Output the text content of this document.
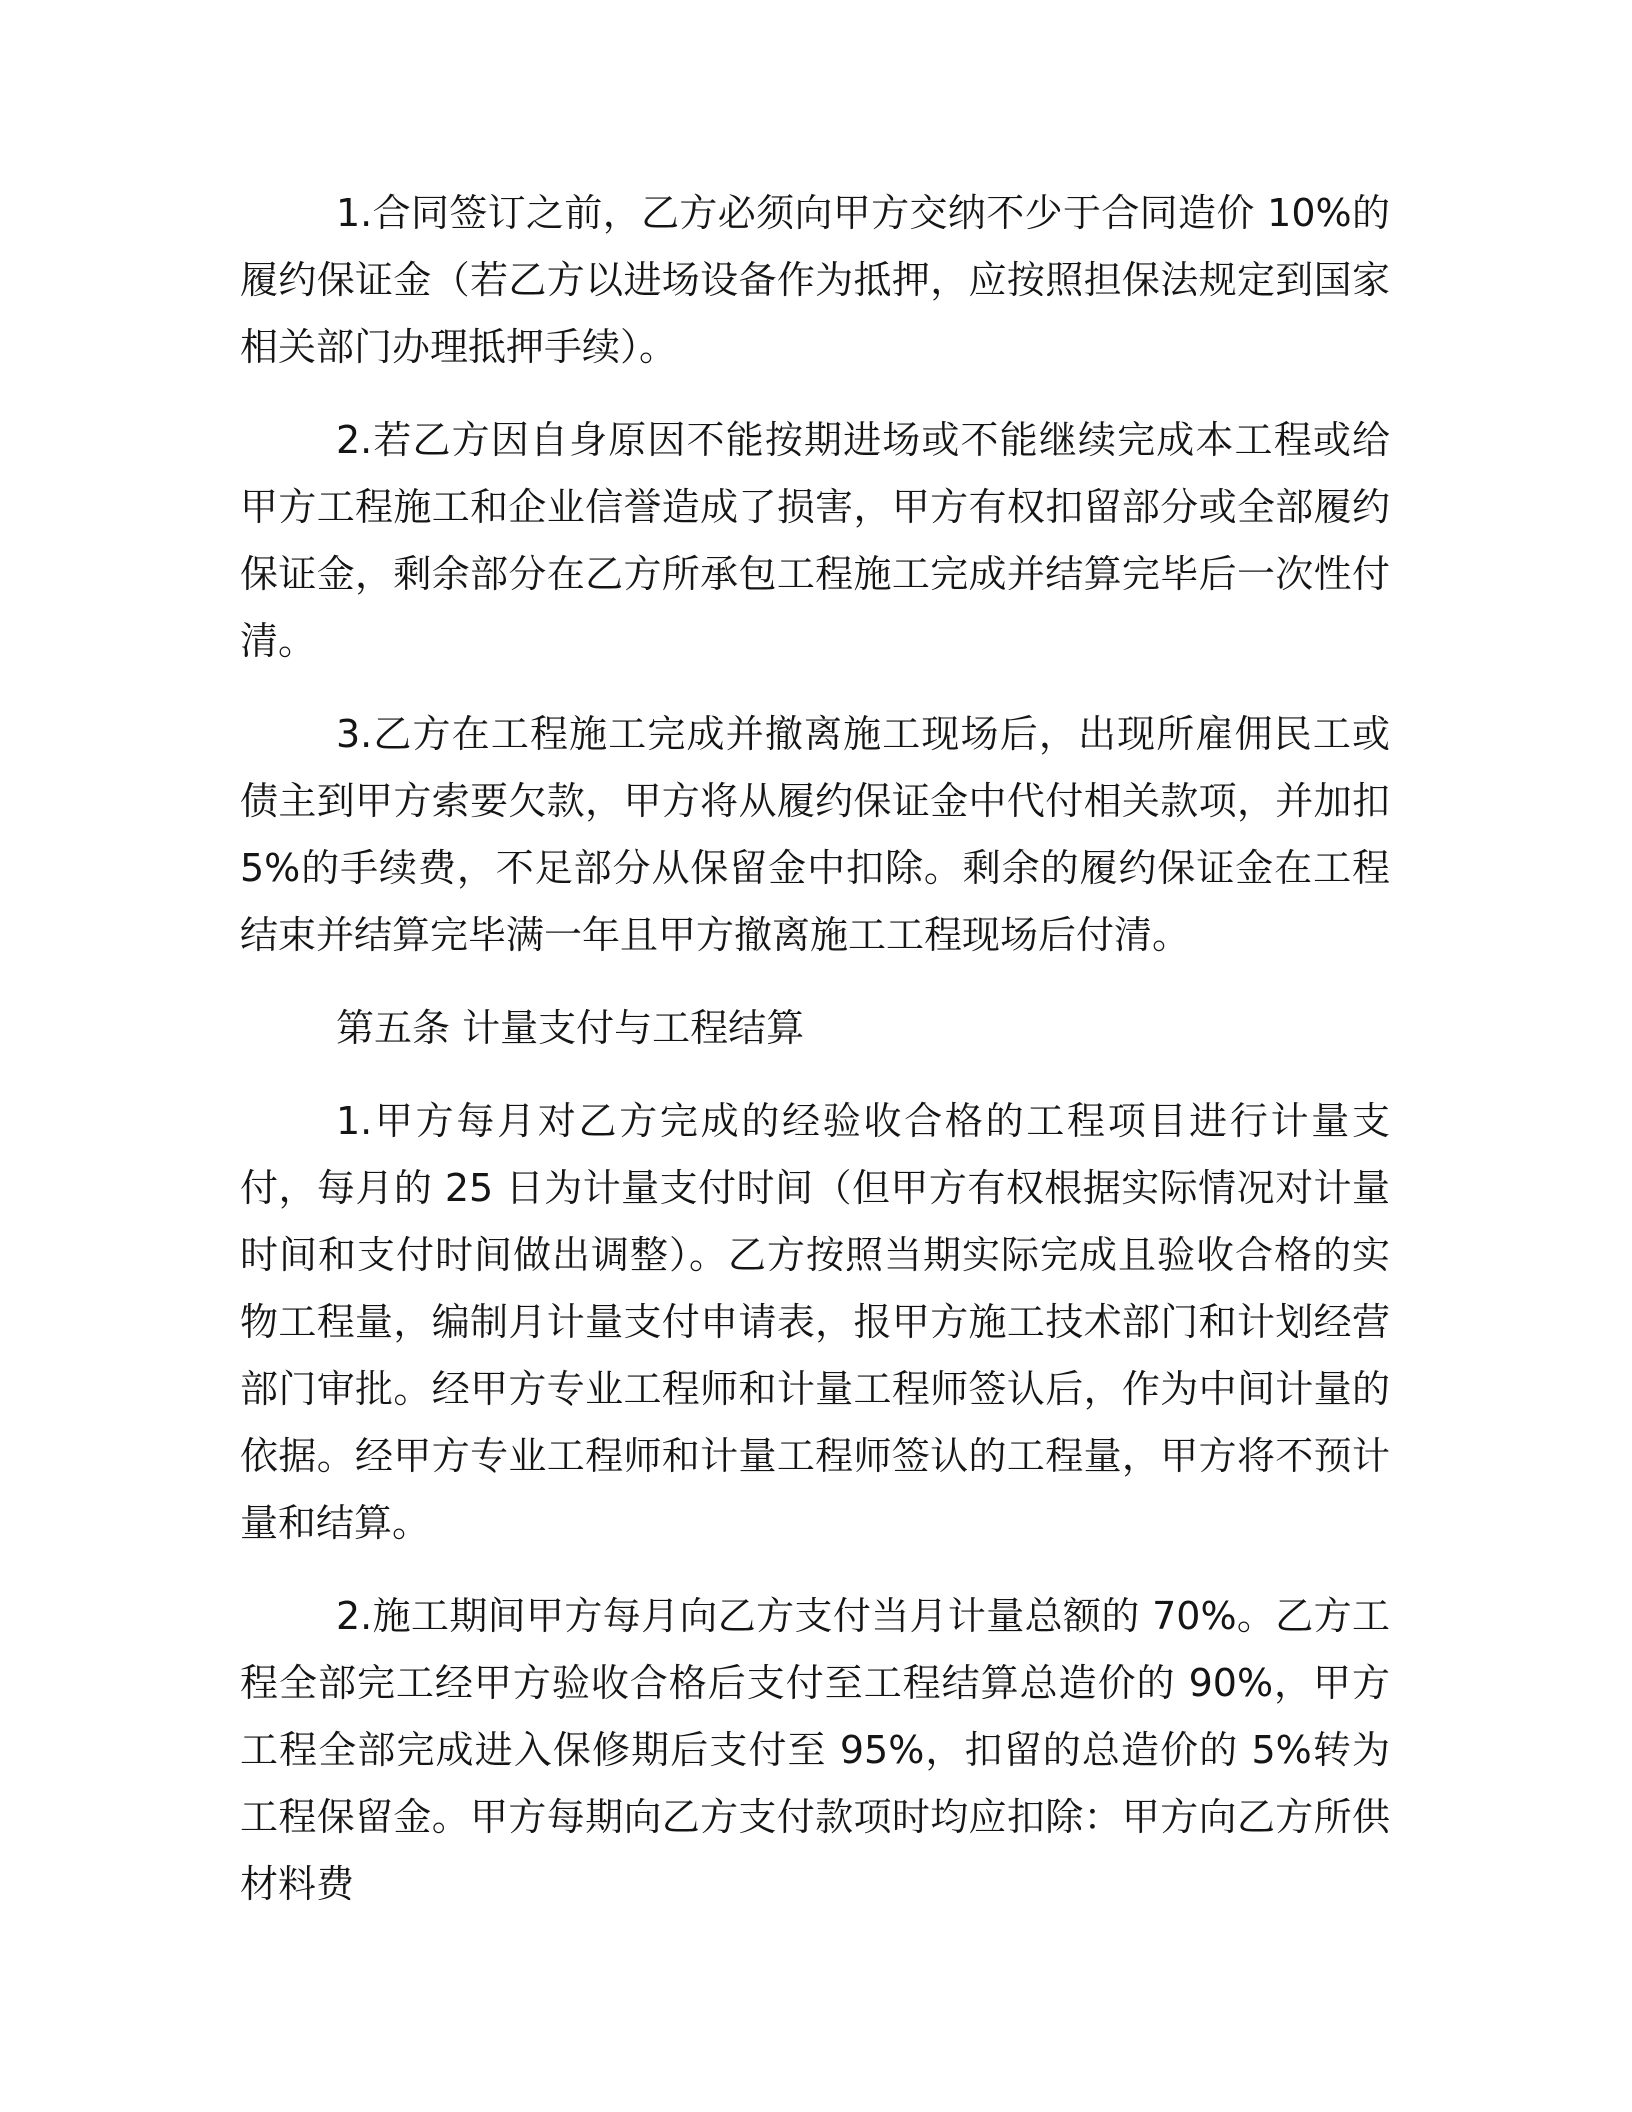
1.合同签订之前，乙方必须向甲方交纳不少于合同造价 10%的履约保证金（若乙方以进场设备作为抵押，应按照担保法规定到国家相关部门办理抵押手续）。

2.若乙方因自身原因不能按期进场或不能继续完成本工程或给甲方工程施工和企业信誉造成了损害，甲方有权扣留部分或全部履约保证金，剩余部分在乙方所承包工程施工完成并结算完毕后一次性付清。

3.乙方在工程施工完成并撤离施工现场后，出现所雇佣民工或债主到甲方索要欠款，甲方将从履约保证金中代付相关款项，并加扣 5%的手续费，不足部分从保留金中扣除。剩余的履约保证金在工程结束并结算完毕满一年且甲方撤离施工工程现场后付清。

第五条 计量支付与工程结算

1.甲方每月对乙方完成的经验收合格的工程项目进行计量支付，每月的 25 日为计量支付时间（但甲方有权根据实际情况对计量时间和支付时间做出调整）。乙方按照当期实际完成且验收合格的实物工程量，编制月计量支付申请表，报甲方施工技术部门和计划经营部门审批。经甲方专业工程师和计量工程师签认后，作为中间计量的依据。经甲方专业工程师和计量工程师签认的工程量，甲方将不预计量和结算。

2.施工期间甲方每月向乙方支付当月计量总额的 70%。乙方工程全部完工经甲方验收合格后支付至工程结算总造价的 90%，甲方工程全部完成进入保修期后支付至 95%，扣留的总造价的 5%转为工程保留金。甲方每期向乙方支付款项时均应扣除：甲方向乙方所供材料费
